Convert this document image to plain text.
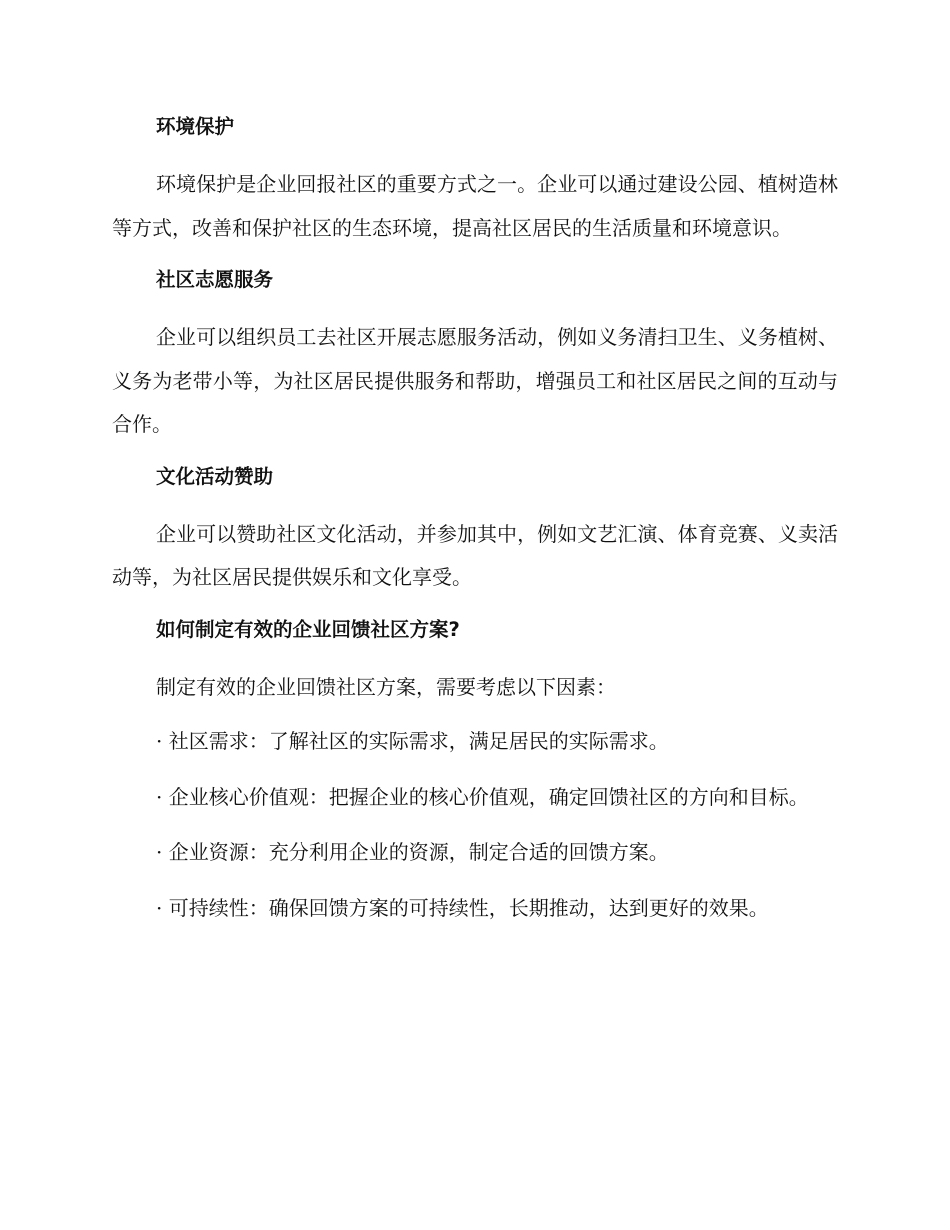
环境保护
环境保护是企业回报社区的重要方式之一。企业可以通过建设公园、植树造林等方式，改善和保护社区的生态环境，提高社区居民的生活质量和环境意识。
社区志愿服务
企业可以组织员工去社区开展志愿服务活动，例如义务清扫卫生、义务植树、义务为老带小等，为社区居民提供服务和帮助，增强员工和社区居民之间的互动与合作。
文化活动赞助
企业可以赞助社区文化活动，并参加其中，例如文艺汇演、体育竞赛、义卖活动等，为社区居民提供娱乐和文化享受。
如何制定有效的企业回馈社区方案?
制定有效的企业回馈社区方案，需要考虑以下因素：
· 社区需求：了解社区的实际需求，满足居民的实际需求。
· 企业核心价值观：把握企业的核心价值观，确定回馈社区的方向和目标。
· 企业资源：充分利用企业的资源，制定合适的回馈方案。
· 可持续性：确保回馈方案的可持续性，长期推动，达到更好的效果。
